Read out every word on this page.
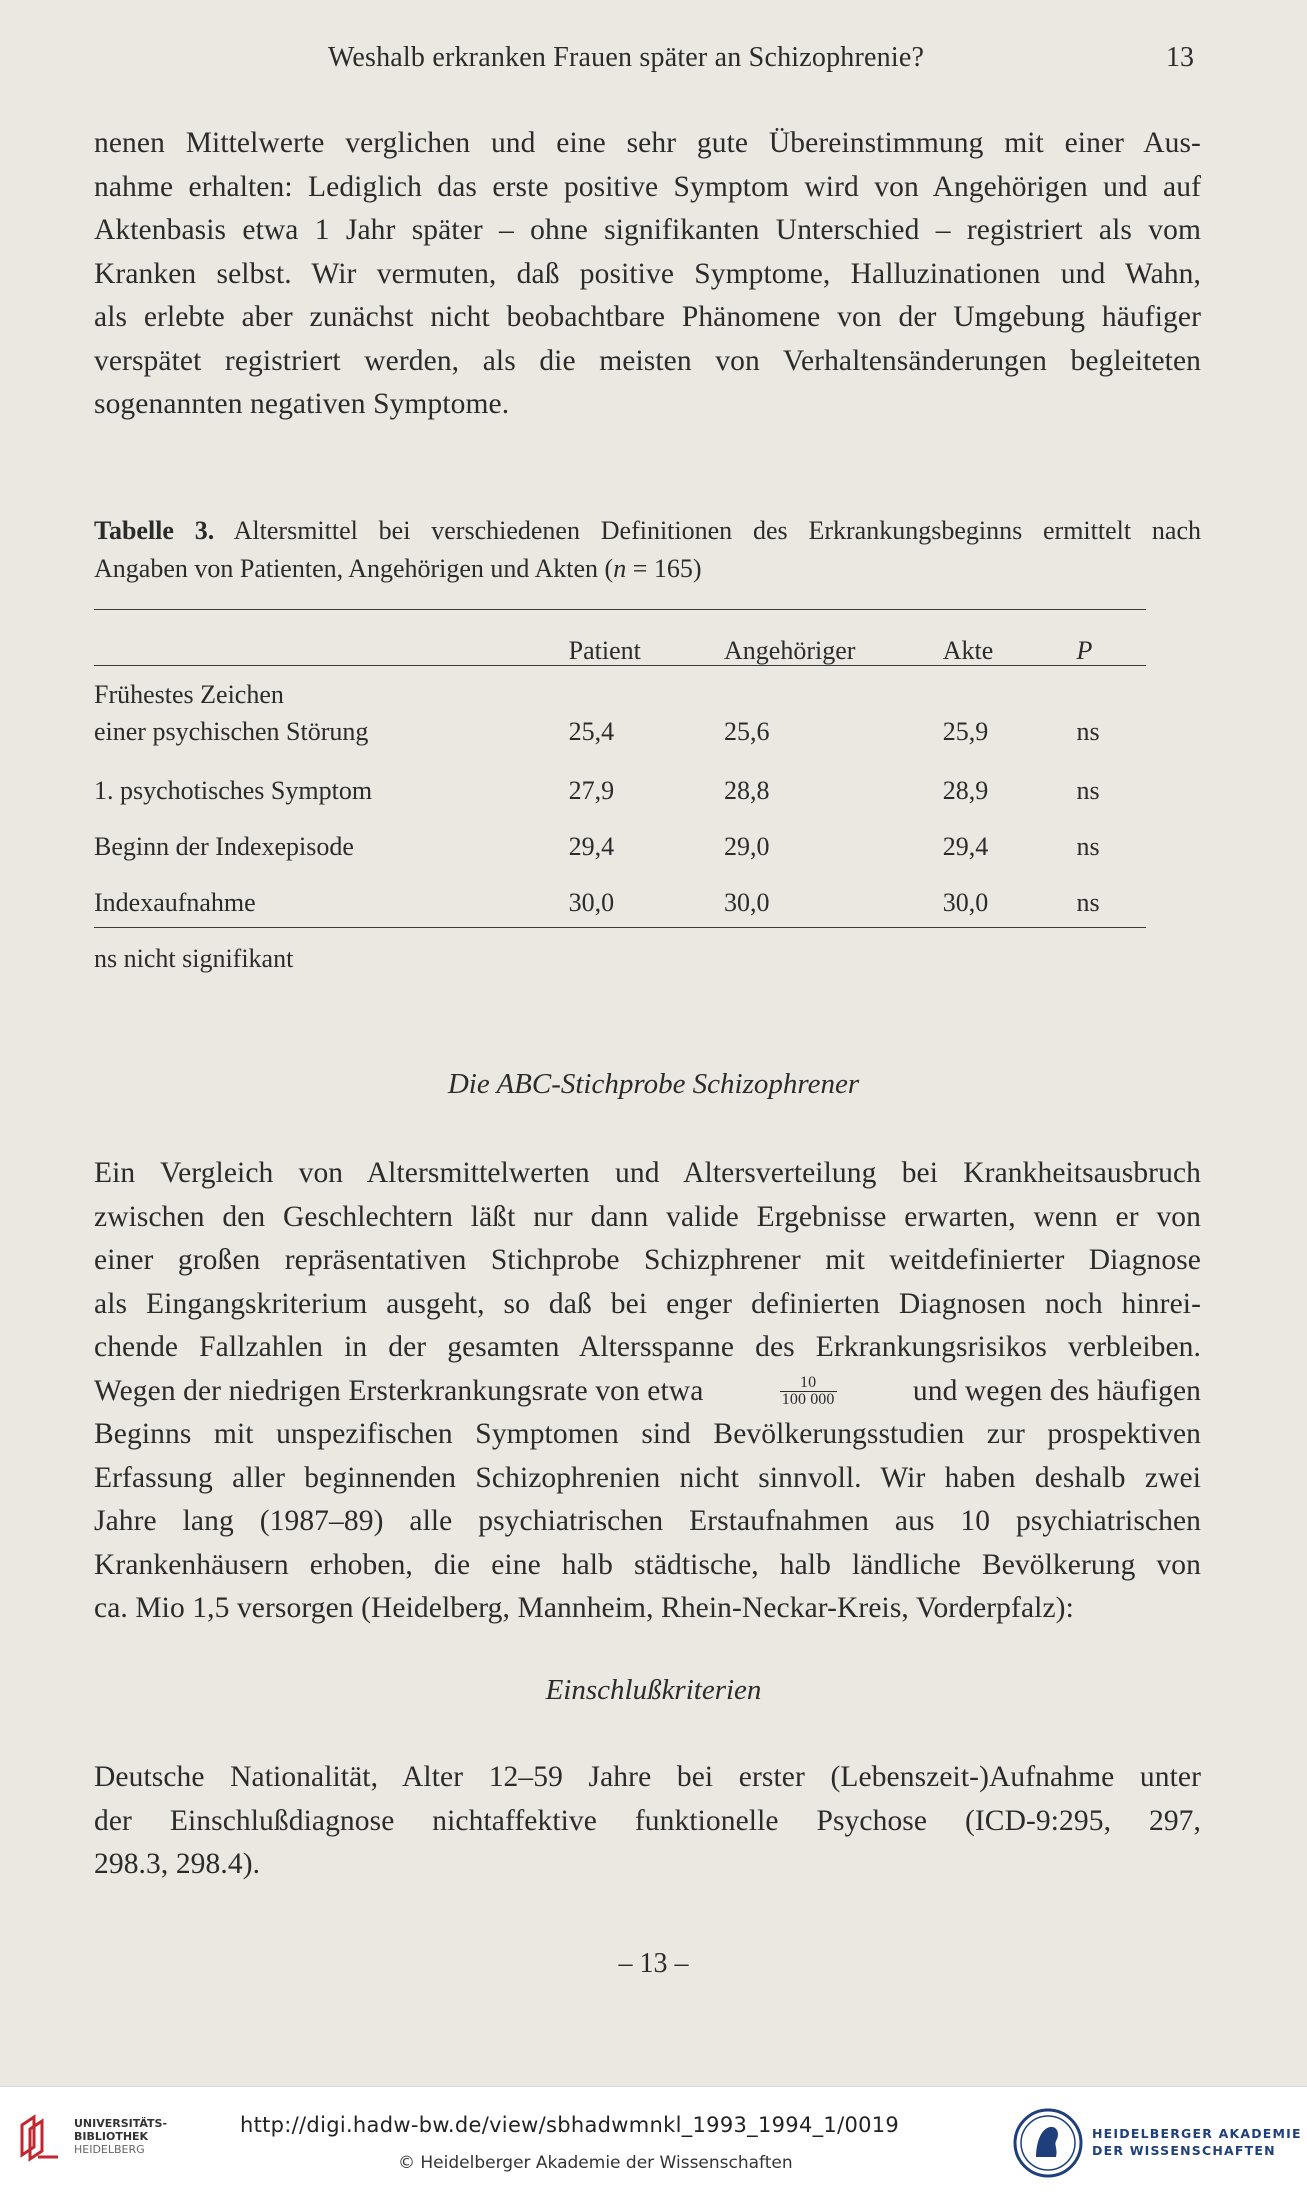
Weshalb erkranken Frauen später an Schizophrenie?	13
nenen Mittelwerte verglichen und eine sehr gute Übereinstimmung mit einer Aus-
nahme erhalten: Lediglich das erste positive Symptom wird von Angehörigen und auf
Aktenbasis etwa 1 Jahr später – ohne signifikanten Unterschied – registriert als vom
Kranken selbst. Wir vermuten, daß positive Symptome, Halluzinationen und Wahn,
als erlebte aber zunächst nicht beobachtbare Phänomene von der Umgebung häufiger
verspätet registriert werden, als die meisten von Verhaltensänderungen begleiteten
sogenannten negativen Symptome.
Tabelle 3. Altersmittel bei verschiedenen Definitionen des Erkrankungsbeginns ermittelt nach
Angaben von Patienten, Angehörigen und Akten (n = 165)
	Patient	Angehöriger	Akte	P

Frühestes Zeichen
einer psychischen Störung	25,4	25,6	25,9	ns
1. psychotisches Symptom	27,9	28,8	28,9	ns
Beginn der Indexepisode	29,4	29,0	29,4	ns
Indexaufnahme	30,0	30,0	30,0	ns
ns nicht signifikant
Die ABC-Stichprobe Schizophrener
Ein Vergleich von Altersmittelwerten und Altersverteilung bei Krankheitsausbruch
zwischen den Geschlechtern läßt nur dann valide Ergebnisse erwarten, wenn er von
einer großen repräsentativen Stichprobe Schizphrener mit weitdefinierter Diagnose
als Eingangskriterium ausgeht, so daß bei enger definierten Diagnosen noch hinrei-
chende Fallzahlen in der gesamten Altersspanne des Erkrankungsrisikos verbleiben.
Wegen der niedrigen Ersterkrankungsrate von etwa	$\frac{10}{100 000}$	und wegen des häufigen
Beginns mit unspezifischen Symptomen sind Bevölkerungsstudien zur prospektiven
Erfassung aller beginnenden Schizophrenien nicht sinnvoll. Wir haben deshalb zwei
Jahre lang (1987–89) alle psychiatrischen Erstaufnahmen aus 10 psychiatrischen
Krankenhäusern erhoben, die eine halb städtische, halb ländliche Bevölkerung von
ca. Mio 1,5 versorgen (Heidelberg, Mannheim, Rhein-Neckar-Kreis, Vorderpfalz):
Einschlußkriterien
Deutsche Nationalität, Alter 12–59 Jahre bei erster (Lebenszeit-)Aufnahme unter
der Einschlußdiagnose nichtaffektive funktionelle Psychose (ICD-9:295, 297,
298.3, 298.4).
– 13 –
UNIVERSITÄTS-
BIBLIOTHEK
HEIDELBERG
http://digi.hadw-bw.de/view/sbhadwmnkl_1993_1994_1/0019
© Heidelberger Akademie der Wissenschaften
HEIDELBERGER AKADEMIE
DER WISSENSCHAFTEN
